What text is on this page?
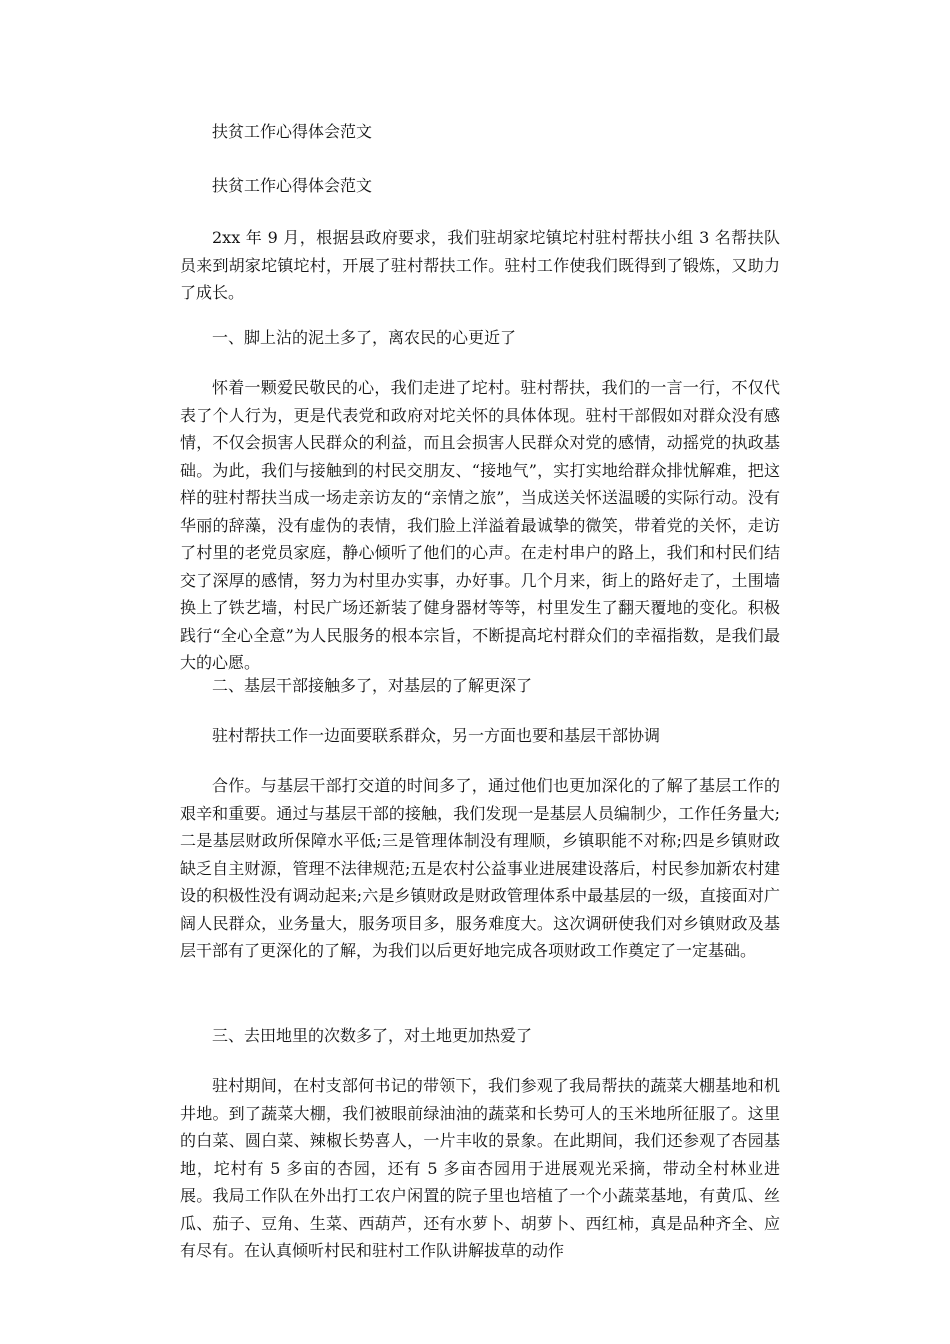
扶贫工作心得体会范文

扶贫工作心得体会范文

2xx 年 9 月，根据县政府要求，我们驻胡家坨镇坨村驻村帮扶小组 3 名帮扶队员来到胡家坨镇坨村，开展了驻村帮扶工作。驻村工作使我们既得到了锻炼，又助力了成长。

一、脚上沾的泥土多了，离农民的心更近了

怀着一颗爱民敬民的心，我们走进了坨村。驻村帮扶，我们的一言一行，不仅代表了个人行为，更是代表党和政府对坨关怀的具体体现。驻村干部假如对群众没有感情，不仅会损害人民群众的利益，而且会损害人民群众对党的感情，动摇党的执政基础。为此，我们与接触到的村民交朋友、“接地气”，实打实地给群众排忧解难，把这样的驻村帮扶当成一场走亲访友的“亲情之旅”，当成送关怀送温暖的实际行动。没有华丽的辞藻，没有虚伪的表情，我们脸上洋溢着最诚挚的微笑，带着党的关怀，走访了村里的老党员家庭，静心倾听了他们的心声。在走村串户的路上，我们和村民们结交了深厚的感情，努力为村里办实事，办好事。几个月来，街上的路好走了，土围墙换上了铁艺墙，村民广场还新装了健身器材等等，村里发生了翻天覆地的变化。积极践行“全心全意”为人民服务的根本宗旨，不断提高坨村群众们的幸福指数，是我们最大的心愿。

二、基层干部接触多了，对基层的了解更深了

驻村帮扶工作一边面要联系群众，另一方面也要和基层干部协调

合作。与基层干部打交道的时间多了，通过他们也更加深化的了解了基层工作的艰辛和重要。通过与基层干部的接触，我们发现一是基层人员编制少，工作任务量大;二是基层财政所保障水平低;三是管理体制没有理顺，乡镇职能不对称;四是乡镇财政缺乏自主财源，管理不法律规范;五是农村公益事业进展建设落后，村民参加新农村建设的积极性没有调动起来;六是乡镇财政是财政管理体系中最基层的一级，直接面对广阔人民群众，业务量大，服务项目多，服务难度大。这次调研使我们对乡镇财政及基层干部有了更深化的了解，为我们以后更好地完成各项财政工作奠定了一定基础。

三、去田地里的次数多了，对土地更加热爱了

驻村期间，在村支部何书记的带领下，我们参观了我局帮扶的蔬菜大棚基地和机井地。到了蔬菜大棚，我们被眼前绿油油的蔬菜和长势可人的玉米地所征服了。这里的白菜、圆白菜、辣椒长势喜人，一片丰收的景象。在此期间，我们还参观了杏园基地，坨村有 5 多亩的杏园，还有 5 多亩杏园用于进展观光采摘，带动全村林业进展。我局工作队在外出打工农户闲置的院子里也培植了一个小蔬菜基地，有黄瓜、丝瓜、茄子、豆角、生菜、西葫芦，还有水萝卜、胡萝卜、西红柿，真是品种齐全、应有尽有。在认真倾听村民和驻村工作队讲解拔草的动作
